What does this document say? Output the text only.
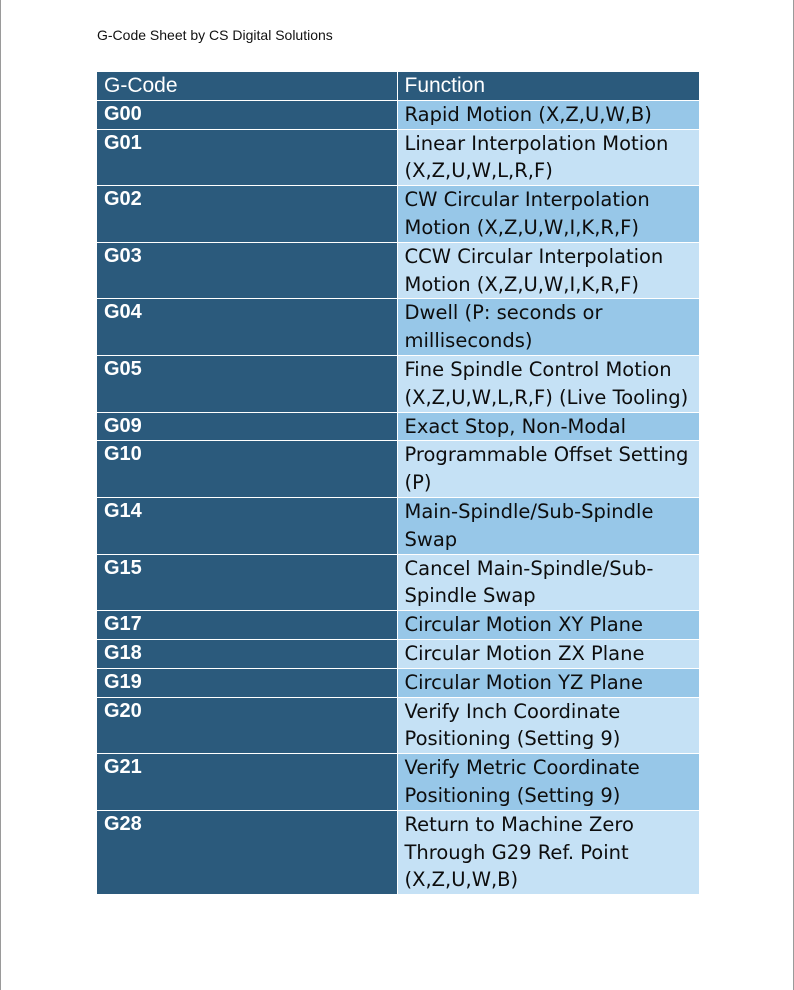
G-Code Sheet by CS Digital Solutions
G-Code	Function
G00	Rapid Motion (X,Z,U,W,B)
G01	Linear Interpolation Motion (X,Z,U,W,L,R,F)
G02	CW Circular Interpolation Motion (X,Z,U,W,I,K,R,F)
G03	CCW Circular Interpolation Motion (X,Z,U,W,I,K,R,F)
G04	Dwell (P: seconds or milliseconds)
G05	Fine Spindle Control Motion (X,Z,U,W,L,R,F) (Live Tooling)
G09	Exact Stop, Non-Modal
G10	Programmable Offset Setting (P)
G14	Main-Spindle/Sub-Spindle Swap
G15	Cancel Main-Spindle/Sub-Spindle Swap
G17	Circular Motion XY Plane
G18	Circular Motion ZX Plane
G19	Circular Motion YZ Plane
G20	Verify Inch Coordinate Positioning (Setting 9)
G21	Verify Metric Coordinate Positioning (Setting 9)
G28	Return to Machine Zero Through G29 Ref. Point (X,Z,U,W,B)
